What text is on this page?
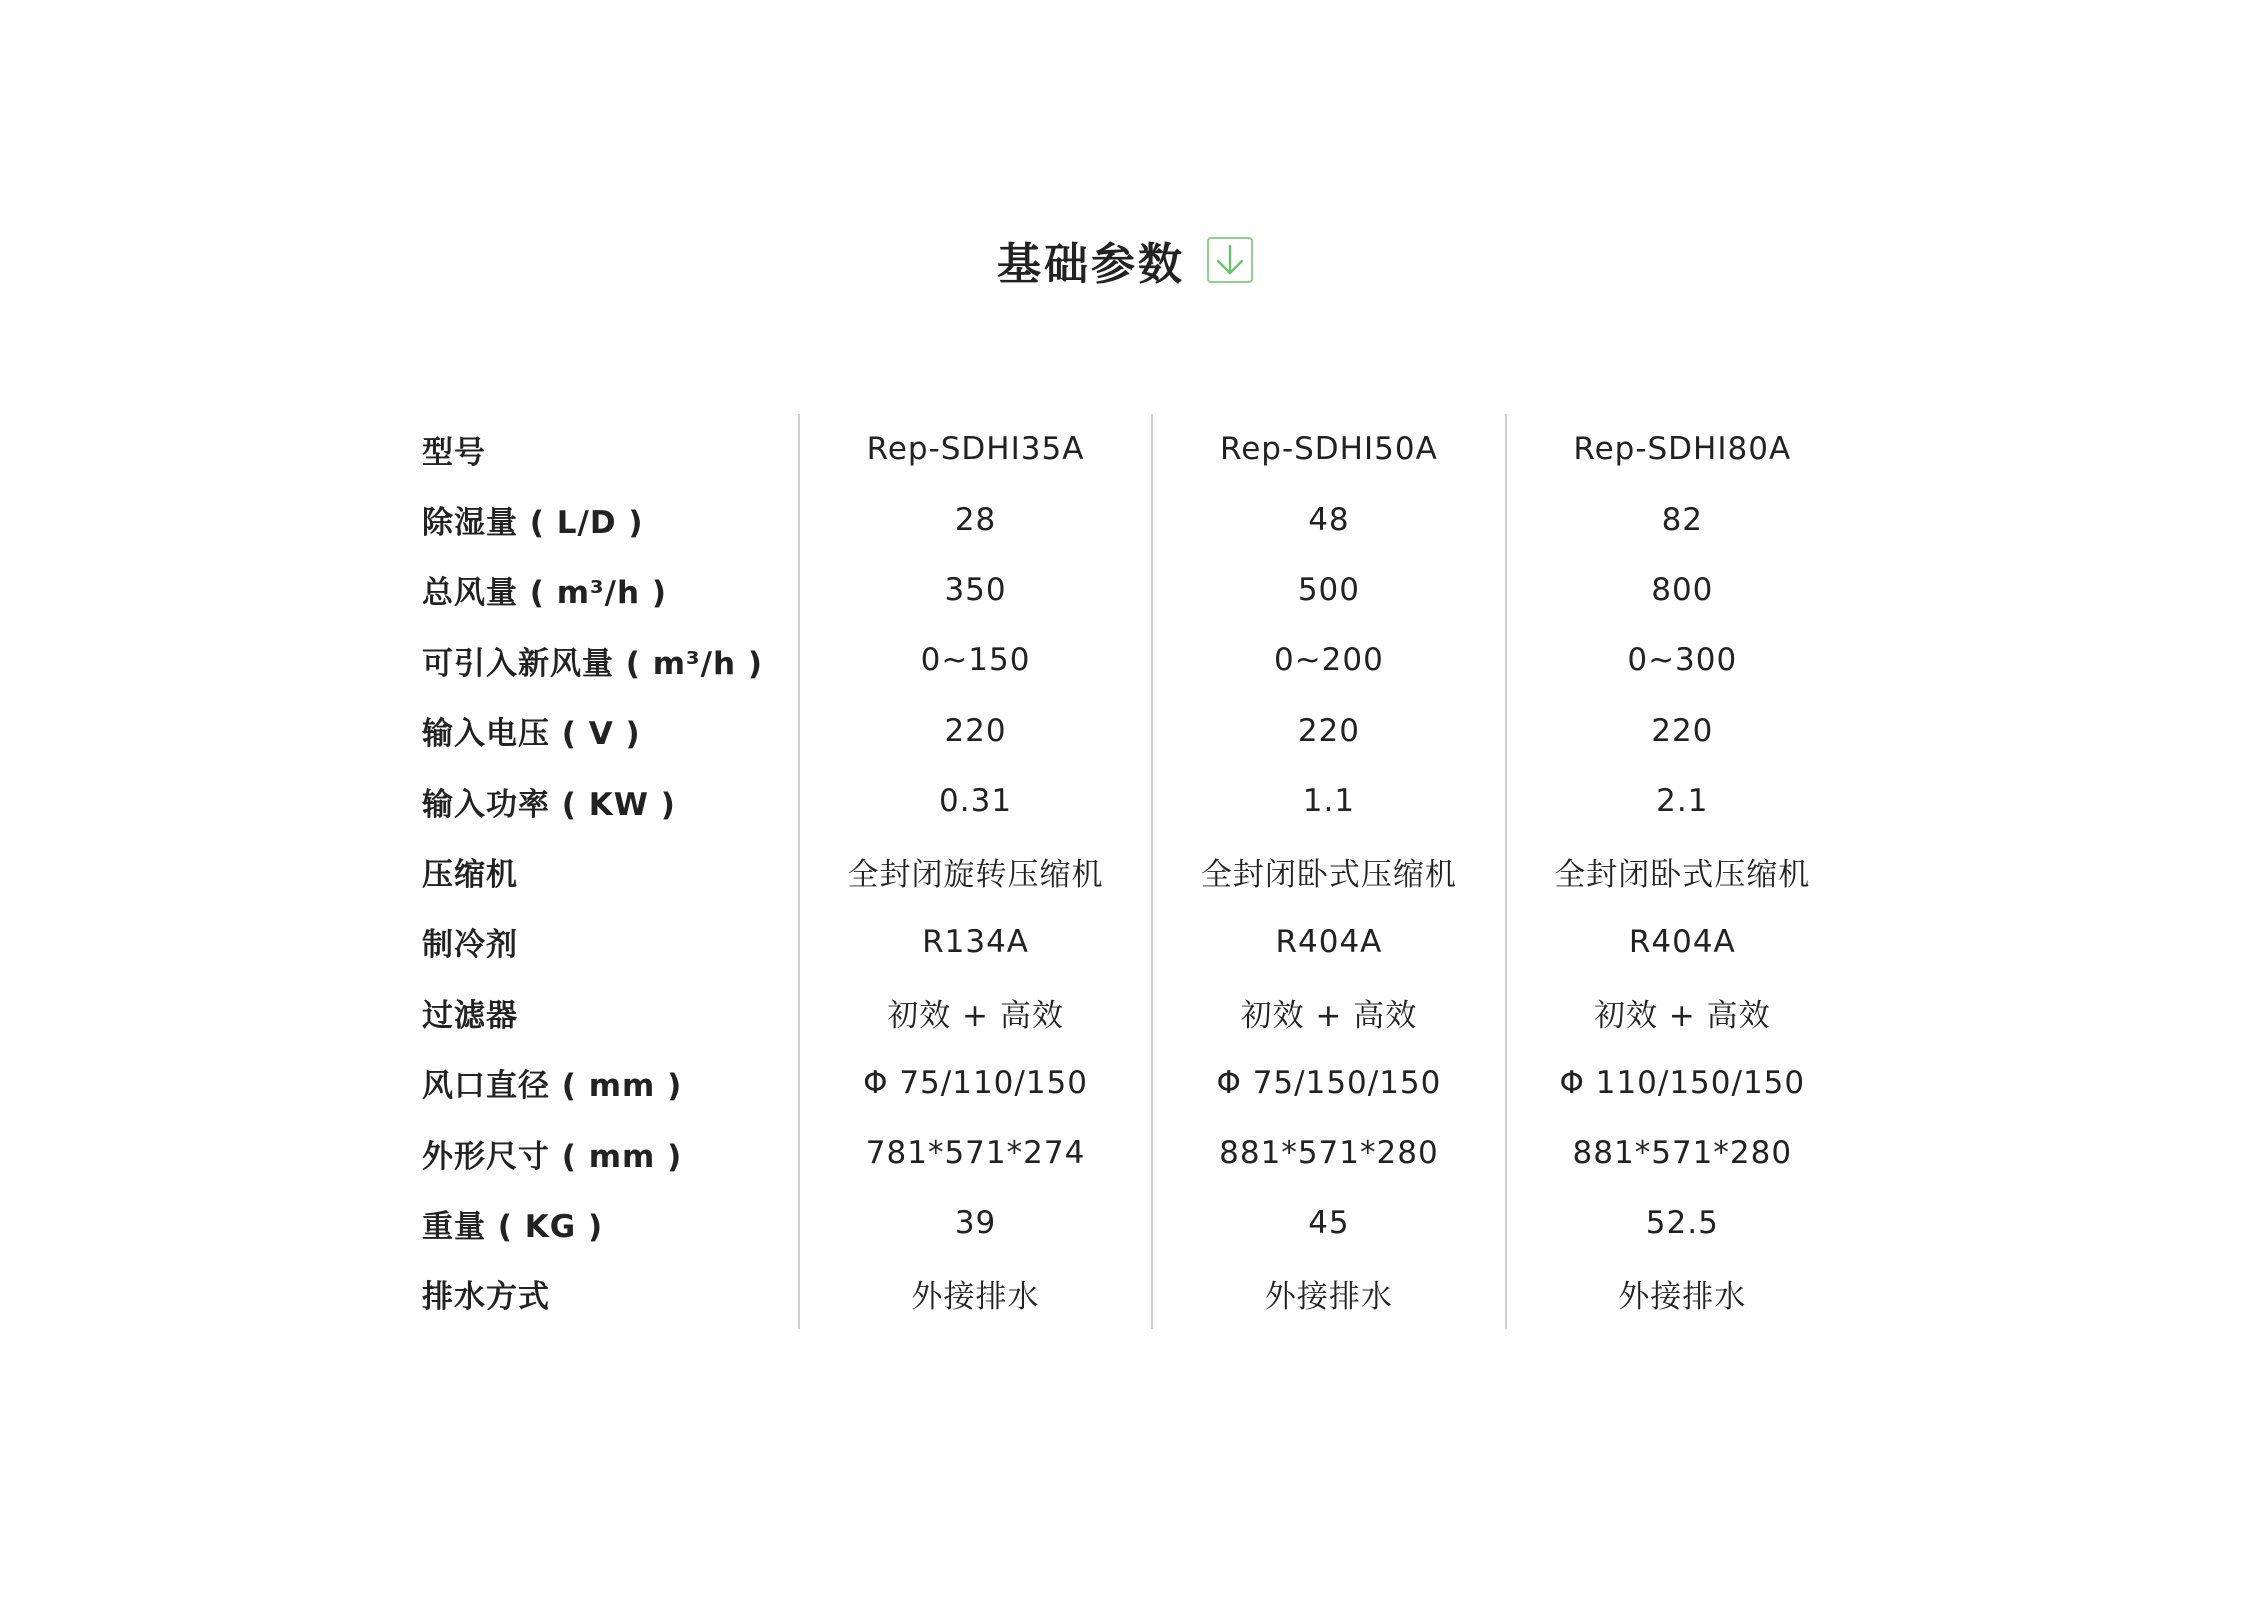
基础参数
型号	Rep-SDHI35A	Rep-SDHI50A	Rep-SDHI80A
除湿量 ( L/D )	28	48	82
总风量 ( m³/h )	350	500	800
可引入新风量 ( m³/h )	0~150	0~200	0~300
输入电压 ( V )	220	220	220
输入功率 ( KW )	0.31	1.1	2.1
压缩机	全封闭旋转压缩机	全封闭卧式压缩机	全封闭卧式压缩机
制冷剂	R134A	R404A	R404A
过滤器	初效 + 高效	初效 + 高效	初效 + 高效
风口直径 ( mm )	Φ 75/110/150	Φ 75/150/150	Φ 110/150/150
外形尺寸 ( mm )	781*571*274	881*571*280	881*571*280
重量 ( KG )	39	45	52.5
排水方式	外接排水	外接排水	外接排水
